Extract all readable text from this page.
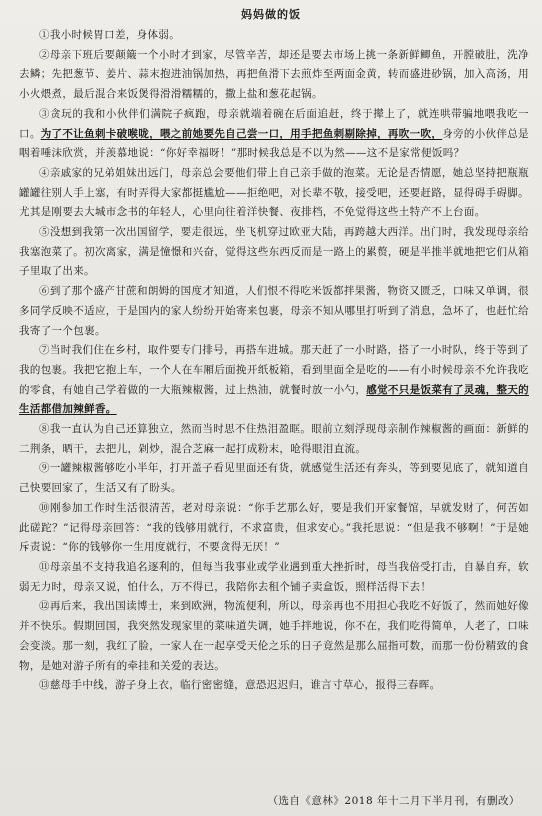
妈妈做的饭

①我小时候胃口差，身体弱。

②母亲下班后要颠簸一个小时才到家，尽管辛苦，却还是要去市场上挑一条新鲜鲫鱼，开膛破肚，洗净去鳞；先把葱节、姜片、蒜末抱进油锅加热，再把鱼滑下去煎炸至两面金黄，转而盛进砂锅，加入高汤，用小火煨煮，最后混合来饭煲得滑滑糯糯的，撒上盐和葱花起锅。

③贪玩的我和小伙伴们满院子疯跑，母亲就端着碗在后面追赶，终于撵上了，就连哄带骗地喂我吃一口。为了不让鱼刺卡破喉咙，喂之前她要先自己尝一口，用手把鱼刺剔除掉，再吹一吹，身旁的小伙伴总是咽着唾沫欣赏，并羡慕地说：“你好幸福呀！”那时候我总是不以为然——这不是家常便饭吗？

④亲戚家的兄弟姐妹出远门，母亲总会要他们带上自己亲手做的泡菜。无论是否情愿，她总坚持把瓶瓶罐罐往别人手上塞，有时弄得大家都挺尴尬——拒绝吧，对长辈不敬，接受吧，还要赶路，显得碍手碍脚。尤其是刚要去大城市念书的年轻人，心里向往着洋快餐、夜排档，不免觉得这些土特产不上台面。

⑤没想到我第一次出国留学，要走很远，坐飞机穿过欧亚大陆，再跨越大西洋。出门时，我发现母亲给我塞泡菜了。初次离家，满是憧憬和兴奋，觉得这些东西反而是一路上的累赘，硬是半推半就地把它们从箱子里取了出来。

⑥到了那个盛产甘蔗和朗姆的国度才知道，人们恨不得吃米饭都拌果酱，物资又匮乏，口味又单调，很多同学反映不适应，于是国内的家人纷纷开始寄来包裹，母亲不知从哪里打听到了消息，急坏了，也赶忙给我寄了一个包裹。

⑦当时我们住在乡村，取件要专门排号，再搭车进城。那天赶了一小时路，搭了一小时队，终于等到了我的包裹。我把它抱上车，一个人在车厢后面挽开纸板箱，看到里面全是吃的——有小时候母亲不允许我吃的零食，有她自己学着做的一大瓶辣椒酱，过上热油，就餐时放一小勺，感觉不只是饭菜有了灵魂，整天的生活都借加辣鲜香。

⑧我一直认为自己还算独立，然而当时思不住热泪盈眶。眼前立刻浮现母亲制作辣椒酱的画面：新鲜的二荆条，晒干，去把儿，剁炒，混合芝麻一起打成粉末，呛得眼泪直流。

⑨一罐辣椒酱够吃小半年，打开盖子看见里面还有货，就感觉生活还有奔头，等到要见底了，就知道自己快要回家了，生活又有了盼头。

⑩刚参加工作时生活很清苦，老对母亲说：“你手艺那么好，要是我们开家餐馆，早就发财了，何苦如此磋跎？”记得母亲回答：“我的钱够用就行，不求富贵，但求安心。”我托思说：“但是我不够啊！”于是她斥责说：“你的钱够你一生用度就行，不要贪得无厌！”

⑪母亲虽不支持我追名逐利的，但每当我事业或学业遇到重大挫折时，母当我倍受打击，自暴自弃，软弱无力时，母亲又说，怕什么，万不得已，我陪你去租个铺子卖盒饭，照样活得下去！

⑫再后来，我出国读博士，来到欧洲，物流便利，所以，母亲再也不用担心我吃不好饭了，然而她好像并不快乐。假期回国，我突然发现家里的菜味道失调，她手拌地说，你不在，我们吃得简单，人老了，口味会变淡。那一刻，我红了脸，一家人在一起享受天伦之乐的日子竟然是那么屈指可数，而那一份份精致的食物，是她对游子所有的牵挂和关爱的表达。

⑬慈母手中线，游子身上衣，临行密密缝，意恐迟迟归，谁言寸草心，报得三春晖。

（选自《意林》2018 年十二月下半月刊，有删改）
